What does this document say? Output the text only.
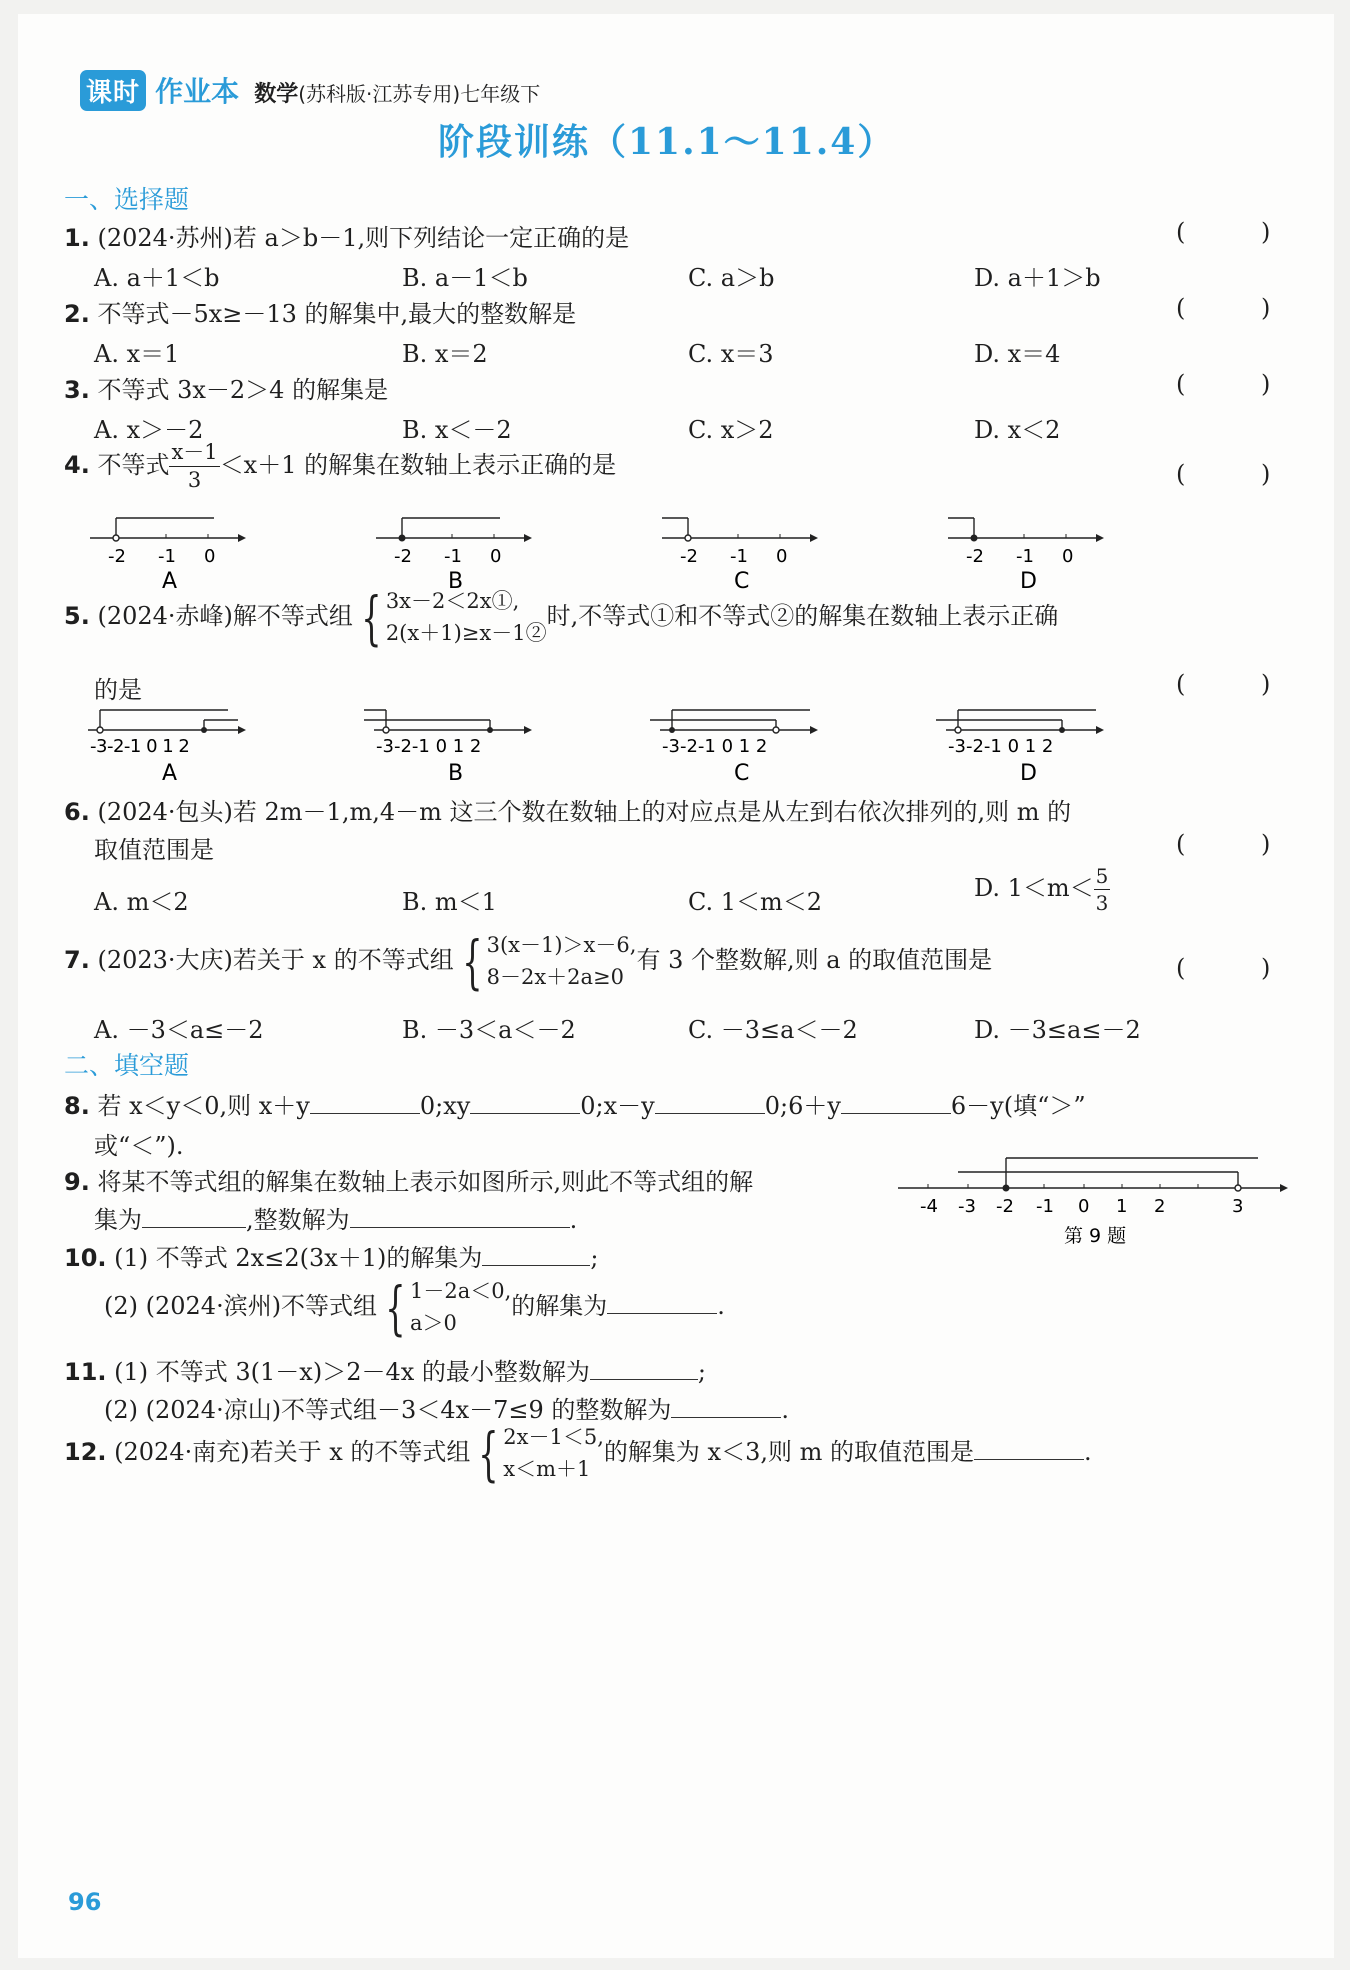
课时 作业本 数学(苏科版·江苏专用)七年级下
阶段训练（11.1～11.4）
一、选择题
1. (2024·苏州)若 a＞b－1,则下列结论一定正确的是	( )
A. a＋1＜b	B. a－1＜b	C. a＞b	D. a＋1＞b
2. 不等式－5x≥－13 的解集中,最大的整数解是	( )
A. x＝1	B. x＝2	C. x＝3	D. x＝4
3. 不等式 3x－2＞4 的解集是	( )
A. x＞－2	B. x＜－2	C. x＞2	D. x＜2
4. 不等式 $\frac{x-1}{3} <x+1$ 的解集在数轴上表示正确的是	( )
-2 -1 0
A
-2 -1 0
B
-2 -1 0
C
-2 -1 0
D
5. (2024·赤峰)解不等式组 { 3x－2＜2x①,
2(x＋1)≥x－1②
时,不等式①和不等式②的解集在数轴上表示正确
的是	( )
-3-2-1 0 1 2
A
-3-2-1 0 1 2
B
-3-2-1 0 1 2
C
-3-2-1 0 1 2
D
6. (2024·包头)若 2m－1,m,4－m 这三个数在数轴上的对应点是从左到右依次排列的,则 m 的
取值范围是	( )
A. m＜2	B. m＜1	C. 1＜m＜2	D. $1<m< \frac{5}{3}$
7. (2023·大庆)若关于 x 的不等式组 { 3(x－1)＞x－6,
8－2x＋2a≥0
有 3 个整数解,则 a 的取值范围是	( )
A. －3＜a≤－2	B. －3＜a＜－2	C. －3≤a＜－2	D. －3≤a≤－2
二、填空题
8. 若 x＜y＜0,则 x＋y	0;xy	0;x－y	0;6＋y	6－y(填“＞”
或“＜”).
9. 将某不等式组的解集在数轴上表示如图所示,则此不等式组的解
集为	,整数解为	.	-4 -3 -2 -1 0 1 2	3
第 9 题
10. (1) 不等式 2x≤2(3x＋1)的解集为	;
(2) (2024·滨州)不等式组 { 1－2a＜0,
a＞0
的解集为	.
11. (1) 不等式 3(1－x)＞2－4x 的最小整数解为	;
(2) (2024·凉山)不等式组－3＜4x－7≤9 的整数解为	.
12. (2024·南充)若关于 x 的不等式组 { 2x－1＜5,
x＜m＋1
的解集为 x＜3,则 m 的取值范围是	.
96
